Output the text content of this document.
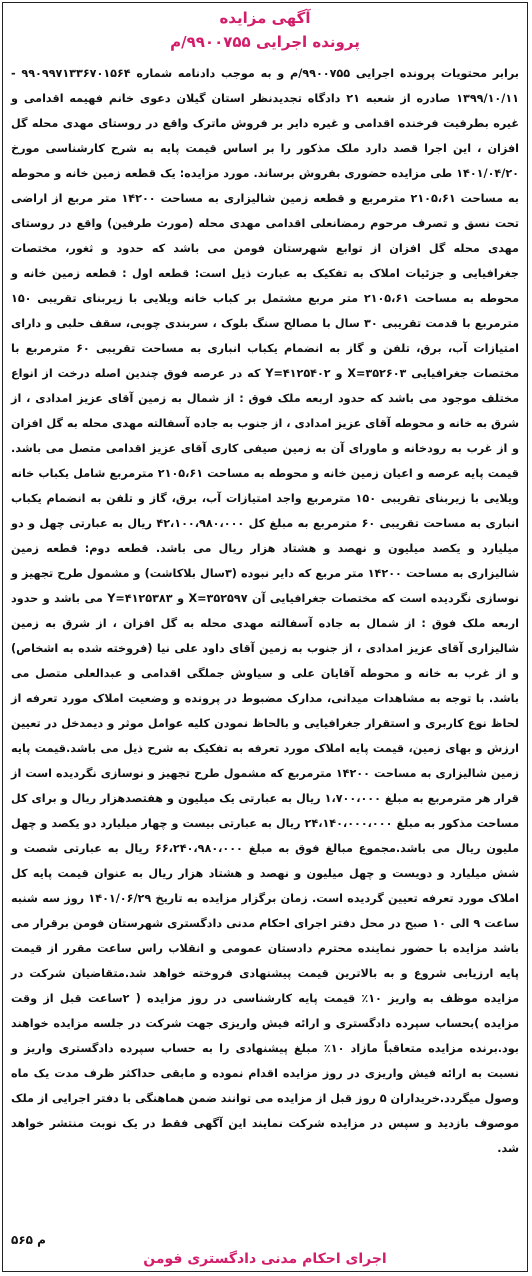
آگهی مزایده
پرونده اجرایی ۹۹۰۰۷۵۵/م
برابر محتویات پرونده اجرایی ۹۹۰۰۷۵۵/م و به موجب دادنامه شماره ۹۹۰۹۹۷۱۳۳۶۷۰۱۵۶۴ - ۱۳۹۹/۱۰/۱۱ صادره از شعبه ۲۱ دادگاه تجدیدنظر استان گیلان دعوی خانم فهیمه اقدامی و غیره بطرفیت فرخنده اقدامی و غیره دایر بر فروش ماترک واقع در روستای مهدی محله گل افزان ، این اجرا قصد دارد ملک مذکور را بر اساس قیمت پایه به شرح کارشناسی مورخ ۱۴۰۱/۰۴/۲۰ طی مزایده حضوری بفروش برساند. مورد مزایده: یک قطعه زمین خانه و محوطه به مساحت ۲۱۰۵،۶۱ مترمربع و قطعه زمین شالیزاری به مساحت ۱۴۲۰۰ متر مربع از اراضی تحت نسق و تصرف مرحوم رمضانعلی اقدامی مهدی محله (مورث طرفین) واقع در روستای مهدی محله گل افزان از توابع شهرستان فومن می باشد که حدود و ثغور، مختصات جغرافیایی و جزئیات املاک به تفکیک به عبارت ذیل است: قطعه اول : قطعه زمین خانه و محوطه به مساحت ۲۱۰۵،۶۱ متر مربع مشتمل بر کباب خانه ویلایی با زیربنای تقریبی ۱۵۰ مترمربع با قدمت تقریبی ۳۰ سال با مصالح سنگ بلوک ، سربندی چوبی، سقف حلبی و دارای امتیازات آب، برق، تلفن و گاز به انضمام یکباب انباری به مساحت تقریبی ۶۰ مترمربع با مختصات جغرافیایی X=۳۵۲۶۰۳ و Y=۴۱۲۵۴۰۲ که در عرصه فوق چندین اصله درخت از انواع مختلف موجود می باشد که حدود اربعه ملک فوق : از شمال به زمین آقای عزیز امدادی ، از شرق به خانه و محوطه آقای عزیز امدادی ، از جنوب به جاده آسفالته مهدی محله به گل افزان و از غرب به رودخانه و ماورای آن به زمین صیفی کاری آقای عزیز اقدامی متصل می باشد. قیمت پایه عرصه و اعیان زمین خانه و محوطه به مساحت ۲۱۰۵،۶۱ مترمربع شامل یکباب خانه ویلایی با زیربنای تقریبی ۱۵۰ مترمربع واجد امتیازات آب، برق، گاز و تلفن به انضمام یکباب انباری به مساحت تقریبی ۶۰ مترمربع به مبلغ کل ۴۲،۱۰۰،۹۸۰،۰۰۰ ریال به عبارتی چهل و دو میلیارد و یکصد میلیون و نهصد و هشتاد هزار ریال می باشد. قطعه دوم: قطعه زمین شالیزاری به مساحت ۱۴۲۰۰ متر مربع که دایر نبوده (۳سال بلاکاشت) و مشمول طرح تجهیز و نوسازی نگردیده است که مختصات جغرافیایی آن X=۳۵۲۵۹۷ و Y=۴۱۲۵۳۸۳ می باشد و حدود اربعه ملک فوق : از شمال به جاده آسفالته مهدی محله به گل افزان ، از شرق به زمین شالیزاری آقای عزیز امدادی ، از جنوب به زمین آقای داود علی نیا (فروخته شده به اشخاص) و از غرب به خانه و محوطه آقایان علی و سیاوش جملگی اقدامی و عبدالعلی متصل می باشد. با توجه به مشاهدات میدانی، مدارک مضبوط در پرونده و وضعیت املاک مورد تعرفه از لحاظ نوع کاربری و استقرار جغرافیایی و بالحاظ نمودن کلیه عوامل موثر و دیمدخل در تعیین ارزش و بهای زمین، قیمت پایه املاک مورد تعرفه به تفکیک به شرح ذیل می باشد.قیمت پایه زمین شالیزاری به مساحت ۱۴۲۰۰ مترمربع که مشمول طرح تجهیز و نوسازی نگردیده است از قرار هر مترمربع به مبلغ ۱،۷۰۰،۰۰۰ ریال به عبارتی یک میلیون و هفتصدهزار ریال و برای کل مساحت مذکور به مبلغ ۲۴،۱۴۰،۰۰۰،۰۰۰ ریال به عبارتی بیست و چهار میلیارد دو یکصد و چهل ملیون ریال می باشد.مجموع مبالغ فوق به مبلغ ۶۶،۲۴۰،۹۸۰،۰۰۰ ریال به عبارتی شصت و شش میلیارد و دویست و چهل میلیون و نهصد و هشتاد هزار ریال به عنوان قیمت پایه کل املاک مورد تعرفه تعیین گردیده است. زمان برگزار مزایده به تاریخ ۱۴۰۱/۰۶/۲۹ روز سه شنبه ساعت ۹ الی ۱۰ صبح در محل دفتر اجرای احکام مدنی دادگستری شهرستان فومن برقرار می باشد مزایده با حضور نماینده محترم دادستان عمومی و انقلاب راس ساعت مقرر از قیمت پایه ارزیابی شروع و به بالاترین قیمت پیشنهادی فروخته خواهد شد.متقاضیان شرکت در مزایده موظف به واریز ۱۰٪ قیمت پایه کارشناسی در روز مزایده ( ۲ساعت قبل از وقت مزایده )بحساب سپرده دادگستری و ارائه فیش واریزی جهت شرکت در جلسه مزایده خواهند بود.برنده مزایده متعاقباً مازاد ۱۰٪ مبلغ پیشنهادی را به حساب سپرده دادگستری واریز و نسبت به ارائه فیش واریزی در روز مزایده اقدام نموده و مابقی حداکثر ظرف مدت یک ماه وصول میگردد.خریداران ۵ روز قبل از مزایده می توانند ضمن هماهنگی با دفتر اجرایی از ملک موصوف بازدید و سپس در مزایده شرکت نمایند این آگهی فقط در یک نوبت منتشر خواهد شد.
م ۵۶۵
اجرای احکام مدنی دادگستری فومن
